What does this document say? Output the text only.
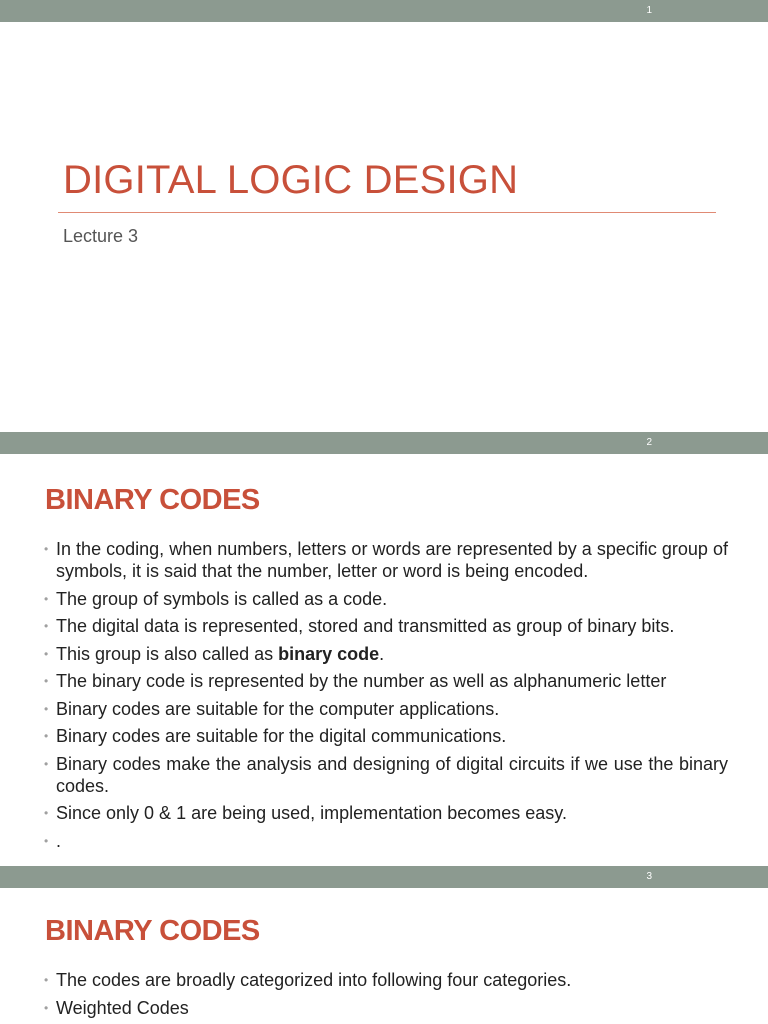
1
DIGITAL LOGIC DESIGN

Lecture 3

2
BINARY CODES
• In the coding, when numbers, letters or words are represented by a specific group of symbols, it is said that the number, letter or word is being encoded.
• The group of symbols is called as a code.
• The digital data is represented, stored and transmitted as group of binary bits.
• This group is also called as binary code.
• The binary code is represented by the number as well as alphanumeric letter
• Binary codes are suitable for the computer applications.
• Binary codes are suitable for the digital communications.
• Binary codes make the analysis and designing of digital circuits if we use the binary codes.
• Since only 0 & 1 are being used, implementation becomes easy.
• .
3
BINARY CODES
• The codes are broadly categorized into following four categories.
• Weighted Codes
